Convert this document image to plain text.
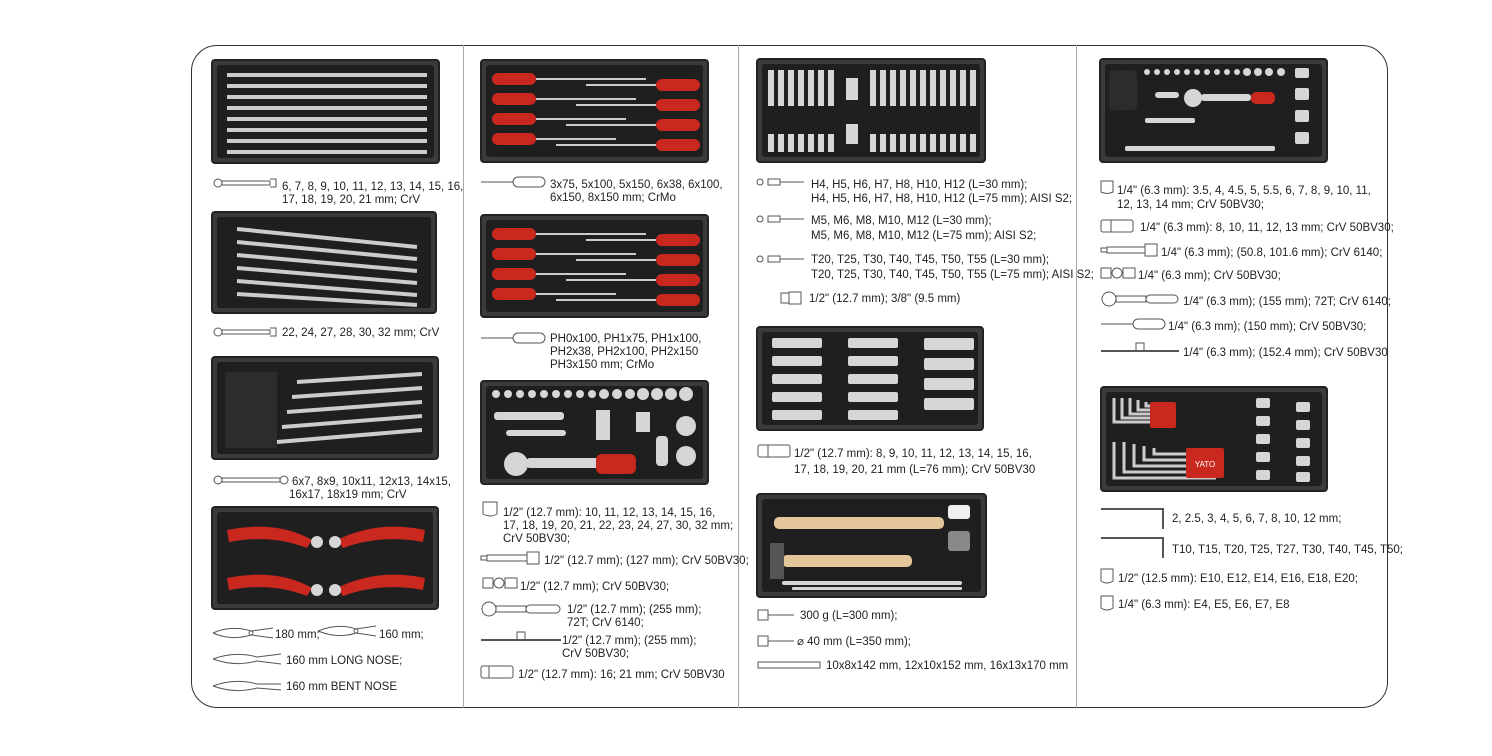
6, 7, 8, 9, 10, 11, 12, 13, 14, 15, 16,
17, 18, 19, 20, 21 mm; CrV
22, 24, 27, 28, 30, 32 mm; CrV
6x7, 8x9, 10x11, 12x13, 14x15,
16x17, 18x19 mm; CrV
180 mm;	160 mm;
160 mm LONG NOSE;
160 mm BENT NOSE
3x75, 5x100, 5x150, 6x38, 6x100,
6x150, 8x150 mm; CrMo
PH0x100, PH1x75, PH1x100,
PH2x38, PH2x100, PH2x150
PH3x150 mm; CrMo
1/2" (12.7 mm): 10, 11, 12, 13, 14, 15, 16,
17, 18, 19, 20, 21, 22, 23, 24, 27, 30, 32 mm;
CrV 50BV30;
1/2" (12.7 mm); (127 mm); CrV 50BV30;
1/2" (12.7 mm); CrV 50BV30;
1/2" (12.7 mm); (255 mm);
72T; CrV 6140;
1/2" (12.7 mm); (255 mm);
CrV 50BV30;
1/2" (12.7 mm): 16; 21 mm; CrV 50BV30
H4, H5, H6, H7, H8, H10, H12 (L=30 mm);
H4, H5, H6, H7, H8, H10, H12 (L=75 mm); AISI S2;
M5, M6, M8, M10, M12 (L=30 mm);
M5, M6, M8, M10, M12 (L=75 mm); AISI S2;
T20, T25, T30, T40, T45, T50, T55 (L=30 mm);
T20, T25, T30, T40, T45, T50, T55 (L=75 mm); AISI S2;
1/2" (12.7 mm); 3/8" (9.5 mm)
1/2" (12.7 mm): 8, 9, 10, 11, 12, 13, 14, 15, 16,
17, 18, 19, 20, 21 mm (L=76 mm); CrV 50BV30
300 g (L=300 mm);
⌀ 40 mm (L=350 mm);
10x8x142 mm, 12x10x152 mm, 16x13x170 mm
1/4" (6.3 mm): 3.5, 4, 4.5, 5, 5.5, 6, 7, 8, 9, 10, 11,
12, 13, 14 mm; CrV 50BV30;
1/4" (6.3 mm): 8, 10, 11, 12, 13 mm; CrV 50BV30;
1/4" (6.3 mm); (50.8, 101.6 mm); CrV 6140;
1/4" (6.3 mm); CrV 50BV30;
1/4" (6.3 mm); (155 mm); 72T; CrV 6140;
1/4" (6.3 mm); (150 mm); CrV 50BV30;
1/4" (6.3 mm); (152.4 mm); CrV 50BV30
YATO
2, 2.5, 3, 4, 5, 6, 7, 8, 10, 12 mm;
T10, T15, T20, T25, T27, T30, T40, T45, T50;
1/2" (12.5 mm): E10, E12, E14, E16, E18, E20;
1/4" (6.3 mm): E4, E5, E6, E7, E8
